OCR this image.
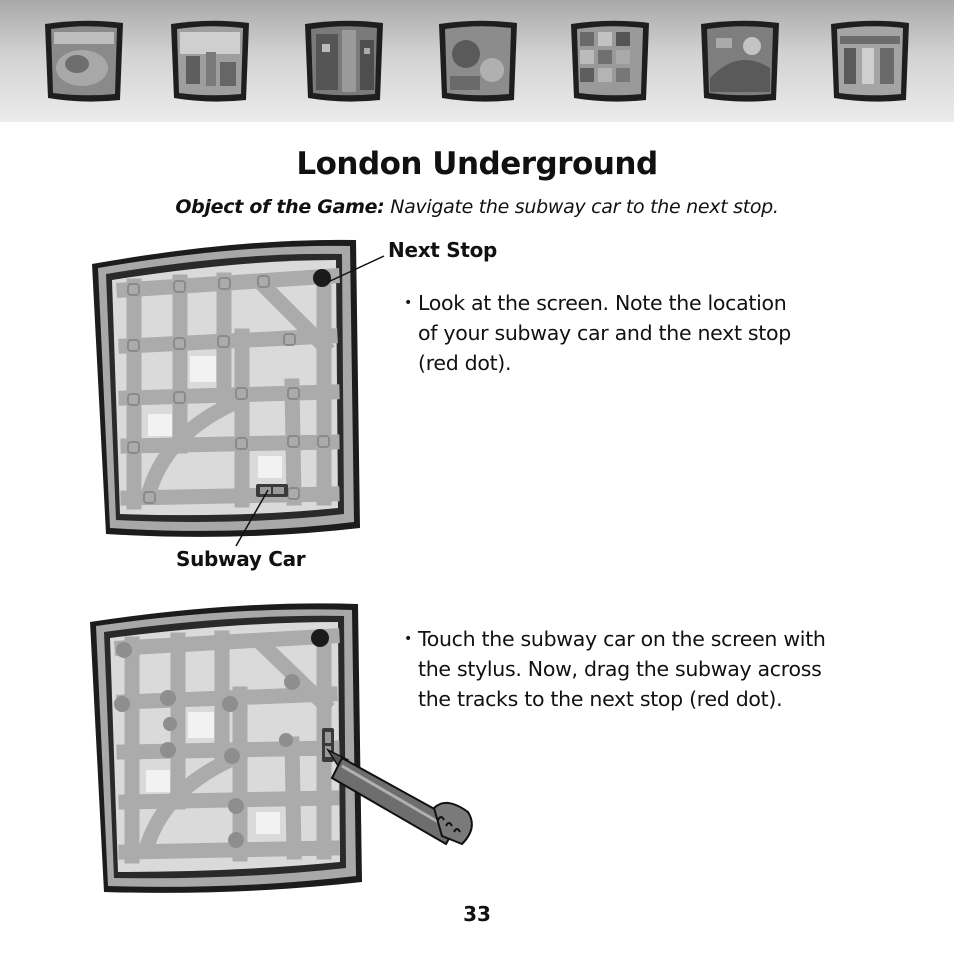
London Underground
Object of the Game: Navigate the subway car to the next stop.
Next Stop
Subway Car
• Look at the screen. Note the location
of your subway car and the next stop
(red dot).
• Touch the subway car on the screen with
the stylus. Now, drag the subway across
the tracks to the next stop (red dot).
33
